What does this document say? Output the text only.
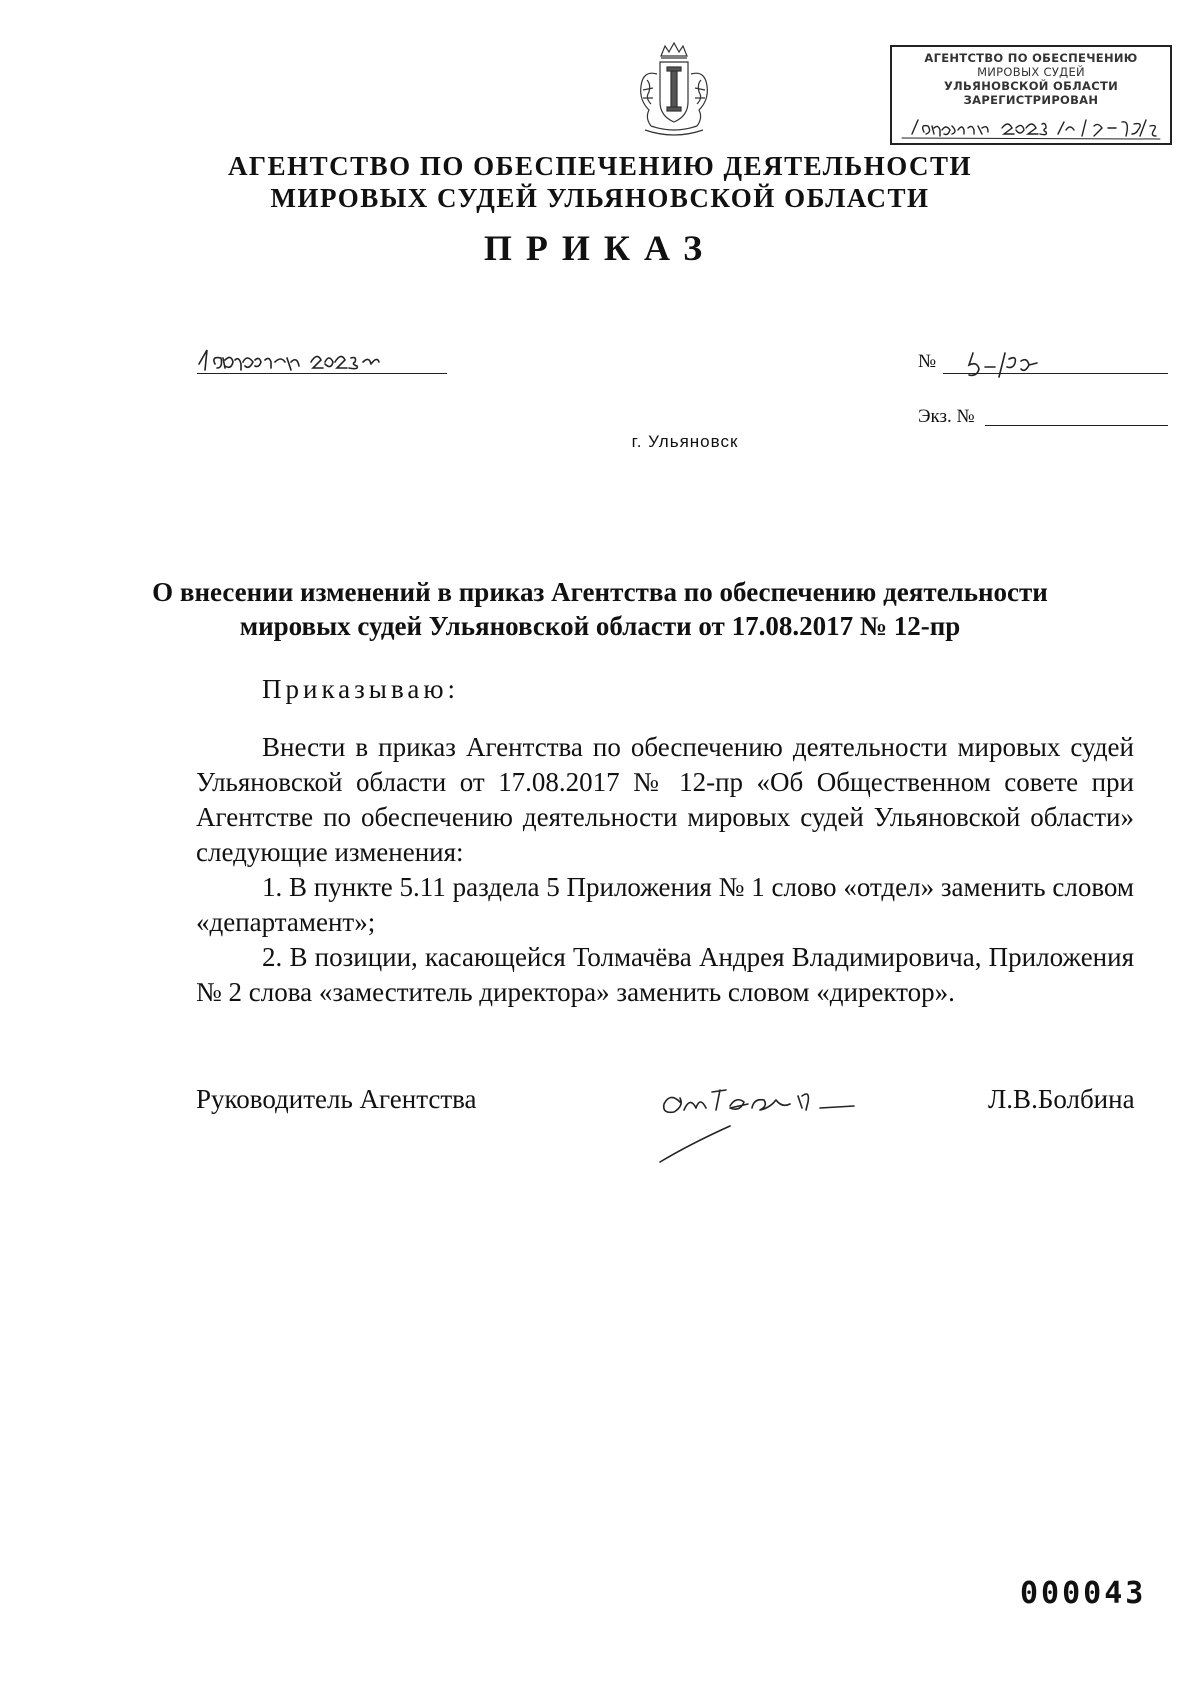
АГЕНТСТВО ПО ОБЕСПЕЧЕНИЮ
МИРОВЫХ СУДЕЙ
УЛЬЯНОВСКОЙ ОБЛАСТИ
ЗАРЕГИСТРИРОВАН
АГЕНТСТВО ПО ОБЕСПЕЧЕНИЮ ДЕЯТЕЛЬНОСТИ
МИРОВЫХ СУДЕЙ УЛЬЯНОВСКОЙ ОБЛАСТИ
ПРИКАЗ
№
Экз. №
г. Ульяновск
О внесении изменений в приказ Агентства по обеспечению деятельности
мировых судей Ульяновской области от 17.08.2017 № 12-пр
Приказываю:

Внести в приказ Агентства по обеспечению деятельности мировых судей Ульяновской области от 17.08.2017 № 12-пр «Об Общественном совете при Агентстве по обеспечению деятельности мировых судей Ульяновской области» следующие изменения:

1. В пункте 5.11 раздела 5 Приложения № 1 слово «отдел» заменить словом «департамент»;

2. В позиции, касающейся Толмачёва Андрея Владимировича, Приложения № 2 слова «заместитель директора» заменить словом «директор».

Руководитель Агентства	Л.В.Болбина
000043
